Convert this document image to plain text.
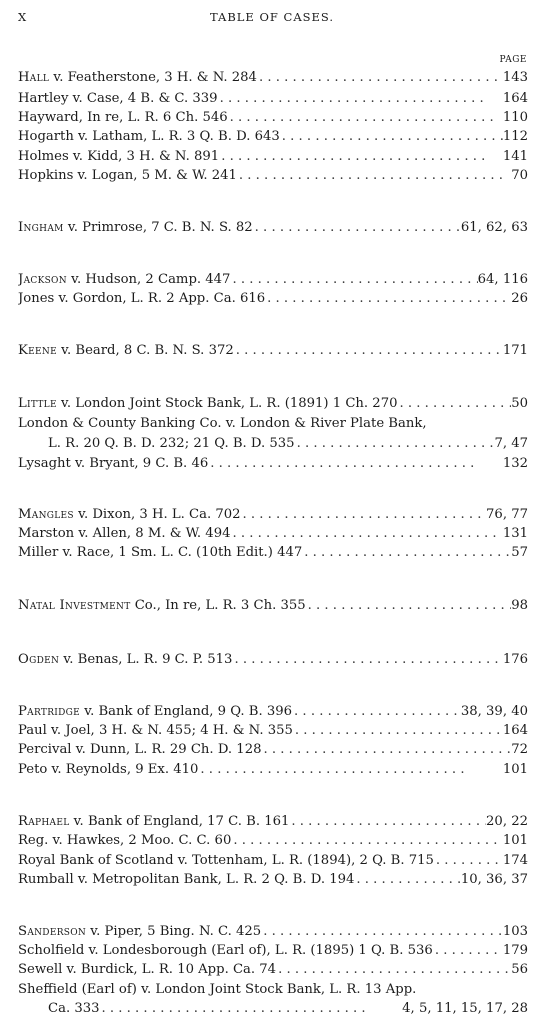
X	TABLE OF CASES.
PAGE
Hall v. Featherstone, 3 H. & N. 284 . .	143
Hartley v. Case, 4 B. & C. 339 . .	164
Hayward, In re, L. R. 6 Ch. 546 . .	110
Hogarth v. Latham, L. R. 3 Q. B. D. 643 . .	112
Holmes v. Kidd, 3 H. & N. 891 . .	141
Hopkins v. Logan, 5 M. & W. 241 . .	70
Ingham v. Primrose, 7 C. B. N. S. 82 . .	61, 62, 63
Jackson v. Hudson, 2 Camp. 447 . .	64, 116
Jones v. Gordon, L. R. 2 App. Ca. 616 . .	26
Keene v. Beard, 8 C. B. N. S. 372 . .	171
Little v. London Joint Stock Bank, L. R. (1891) 1 Ch. 270 . .	50
London & County Banking Co. v. London & River Plate Bank,
L. R. 20 Q. B. D. 232; 21 Q. B. D. 535 . .	7, 47
Lysaght v. Bryant, 9 C. B. 46 . .	132
Mangles v. Dixon, 3 H. L. Ca. 702 . .	76, 77
Marston v. Allen, 8 M. & W. 494 . .	131
Miller v. Race, 1 Sm. L. C. (10th Edit.) 447 . .	57
Natal Investment Co., In re, L. R. 3 Ch. 355 . .	98
Ogden v. Benas, L. R. 9 C. P. 513 . .	176
Partridge v. Bank of England, 9 Q. B. 396 . .	38, 39, 40
Paul v. Joel, 3 H. & N. 455; 4 H. & N. 355 . .	164
Percival v. Dunn, L. R. 29 Ch. D. 128 . .	72
Peto v. Reynolds, 9 Ex. 410 . .	101
Raphael v. Bank of England, 17 C. B. 161 . .	20, 22
Reg. v. Hawkes, 2 Moo. C. C. 60 . .	101
Royal Bank of Scotland v. Tottenham, L. R. (1894), 2 Q. B. 715 . .	174
Rumball v. Metropolitan Bank, L. R. 2 Q. B. D. 194 . .	10, 36, 37
Sanderson v. Piper, 5 Bing. N. C. 425 . .	103
Scholfield v. Londesborough (Earl of), L. R. (1895) 1 Q. B. 536 . .	179
Sewell v. Burdick, L. R. 10 App. Ca. 74 . .	56
Sheffield (Earl of) v. London Joint Stock Bank, L. R. 13 App.
Ca. 333 . .	4, 5, 11, 15, 17, 28
